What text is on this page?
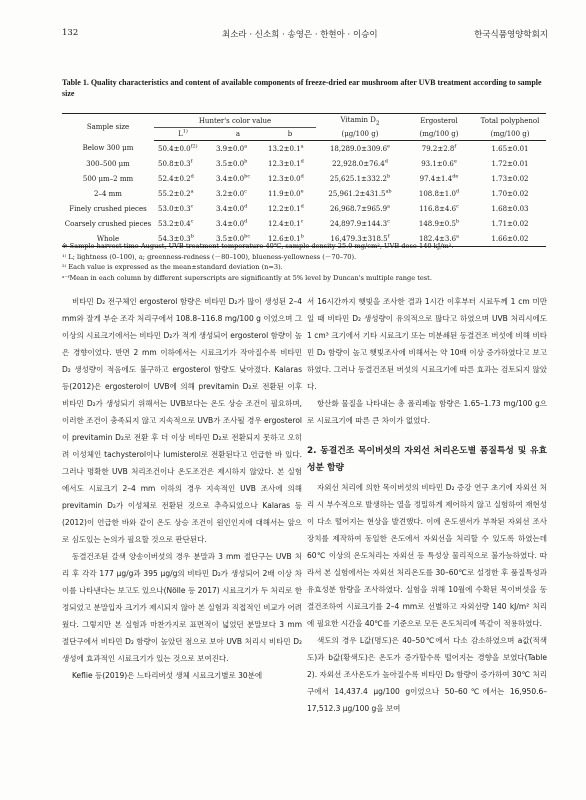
132	최소라 · 신소희 · 송영은 · 한현아 · 이승이	한국식품영양학회지
Table 1. Quality characteristics and content of available components of freeze-dried ear mushroom after UVB treatment according to sample size
Sample size	Hunter's color value			Vitamin $D_2$	Ergosterol	Total polyphenol
	$L^{1)}$	a	b	(μg/100 g)	(mg/100 g)	(mg/100 g)
Below 300 μm	$50.4\pm 0.0^{f2)}$	3.9±0.0$^a$	13.2±0.1$^a$	18,289.0±309.6$^e$	79.2±2.8$^f$	1.65±0.01
300–500 μm	50.8±0.3$^f$	3.5±0.0$^b$	12.3±0.1$^d$	22,928.0±76.4$^d$	93.1±0.6$^e$	1.72±0.01
500 μm–2 mm	52.4±0.2$^d$	3.4±0.0$^{bc}$	12.3±0.0$^d$	25,625.1±332.2$^b$	97.4±1.4de	1.73±0.02
2–4 mm	55.2±0.2$^a$	3.2±0.0$^c$	11.9±0.0$^e$	25,961.2±431.5$^{ab}$	108.8±1.0$^d$	1.70±0.02
Finely crushed pieces	53.0±0.3$^c$	3.4±0.0$^d$	12.2±0.1$^d$	26,968.7±965.9$^a$	116.8±4.6$^c$	1.68±0.03
Coarsely crushed pieces	53.2±0.4$^c$	3.4±0.0$^d$	12.4±0.1$^c$	24,897.9±144.3$^c$	148.9±0.5$^b$	1.71±0.02
Whole	54.3±0.3$^b$	3.5±0.0$^{bc}$	12.6±0.1$^b$	16,479.3±318.5$^f$	182.4±3.6$^a$	1.66±0.02
※ Sample harvest time-August, UVB treatment temperature-40℃, sample density-25.0 mg/cm², UVB dose-140 kJ/m².
¹⁾ L; lightness (0–100), a; greenness-redness (－80–100), blueness-yellowness (－70–70).
²⁾ Each value is expressed as the mean±standard deviation (n=3).
ᵃ⁻ᶠMean in each column by different superscripts are significantly at 5% level by Duncan's multiple range test.

비타민 D₂ 전구체인 ergosterol 함량은 비타민 D₂가 많이 생성된 2–4 mm와 잘게 부순 조각 처리구에서 108.8–116.8 mg/100 g 이었으며 그 이상의 시료크기에서는 비타민 D₂가 적게 생성되어 ergosterol 함량이 높은 경향이었다. 반면 2 mm 이하에서는 시료크기가 작아질수록 비타민 D₂ 생성량이 적음에도 불구하고 ergosterol 함량도 낮아졌다. Kalaras 등(2012)은 ergosterol이 UVB에 의해 previtamin D₂로 전환된 이후 비타민 D₂가 생성되기 위해서는 UVB보다는 온도 상승 조건이 필요하며, 이러한 조건이 충족되지 않고 지속적으로 UVB가 조사될 경우 ergosterol이 previtamin D₂로 전환 후 더 이상 비타민 D₂로 전환되지 못하고 오히려 이성체인 tachysterol이나 lumisterol로 전환된다고 언급한 바 있다. 그러나 명확한 UVB 처리조건이나 온도조건은 제시하지 않았다. 본 실험에서도 시료크기 2–4 mm 이하의 경우 지속적인 UVB 조사에 의해 previtamin D₂가 이성체로 전환된 것으로 추측되었으나 Kalaras 등(2012)이 언급한 바와 같이 온도 상승 조건이 원인인지에 대해서는 앞으로 심도있는 논의가 필요할 것으로 판단된다.

동결건조된 갈색 양송이버섯의 경우 분말과 3 mm 절단구는 UVB 처리 후 각각 177 μg/g과 395 μg/g의 비타민 D₂가 생성되어 2배 이상 차이를 나타낸다는 보고도 있으나(Nölle 등 2017) 시료크기가 두 처리로 한정되었고 분말입자 크기가 제시되지 않아 본 실험과 직접적인 비교가 어려웠다. 그렇지만 본 실험과 마찬가지로 표면적이 넓었던 분말보다 3 mm 절단구에서 비타민 D₂ 함량이 높았던 점으로 보아 UVB 처리시 비타민 D₂ 생성에 효과적인 시료크기가 있는 것으로 보여진다.

Keflie 등(2019)은 느타리버섯 생체 시료크기별로 30분에

서 16시간까지 햇빛을 조사한 결과 1시간 이후부터 시료두께 1 cm 미만일 때 비타민 D₂ 생성량이 유의적으로 많다고 하였으며 UVB 처리시에도 1 cm³ 크기에서 기타 시료크기 또는 미분쇄된 동결건조 버섯에 비해 비타민 D₂ 함량이 높고 햇빛조사에 비해서는 약 10배 이상 증가하였다고 보고하였다. 그러나 동결건조된 버섯의 시료크기에 따른 효과는 검토되지 않았다.

항산화 물질을 나타내는 총 폴리페놀 함량은 1.65–1.73 mg/100 g으로 시료크기에 따른 큰 차이가 없었다.

2. 동결건조 목이버섯의 자외선 처리온도별 품질특성 및 유효성분 함량

자외선 처리에 의한 목이버섯의 비타민 D₂ 증강 연구 초기에 자외선 처리 시 부수적으로 발생하는 열을 정밀하게 제어하지 않고 실험하여 재현성이 다소 떨어지는 현상을 발견했다. 이에 온도센서가 부착된 자외선 조사장치를 제작하여 동일한 온도에서 자외선을 처리할 수 있도록 하였는데 60℃ 이상의 온도처리는 자외선 등 특성상 물리적으로 불가능하였다. 따라서 본 실험에서는 자외선 처리온도를 30–60℃로 설정한 후 품질특성과 유효성분 함량을 조사하였다. 실험을 위해 10월에 수확된 목이버섯을 동결건조하여 시료크기를 2–4 mm로 선별하고 자외선량 140 kJ/m² 처리에 필요한 시간을 40℃를 기준으로 모든 온도처리에 똑같이 적용하였다.

색도의 경우 L값(명도)은 40–50℃에서 다소 감소하였으며 a값(적색도)과 b값(황색도)은 온도가 증가할수록 떨어지는 경향을 보였다(Table 2). 자외선 조사온도가 높아질수록 비타민 D₂ 함량이 증가하여 30℃ 처리구에서 14,437.4 μg/100 g이었으나 50–60℃에서는 16,950.6–17,512.3 μg/100 g을 보여
